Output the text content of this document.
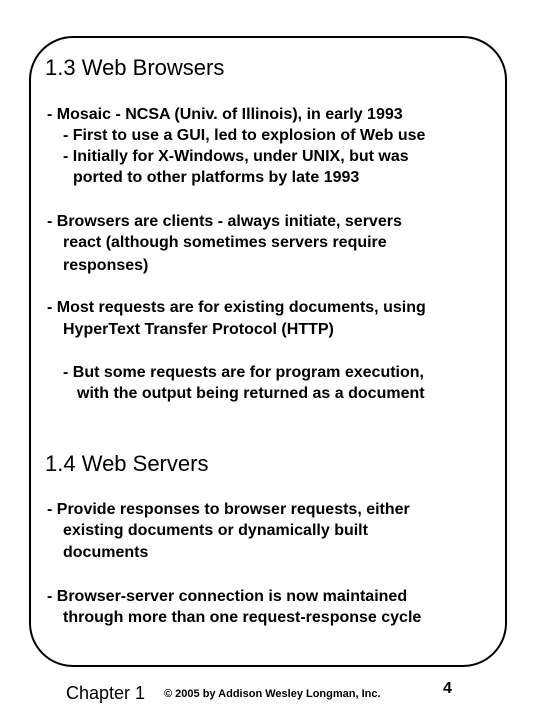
1.3 Web Browsers
- Mosaic - NCSA (Univ. of Illinois), in early 1993
- First to use a GUI, led to explosion of Web use
- Initially for X-Windows, under UNIX, but was
ported to other platforms by late 1993
- Browsers are clients - always initiate, servers
react (although sometimes servers require
responses)
- Most requests are for existing documents, using
HyperText Transfer Protocol (HTTP)
- But some requests are for program execution,
with the output being returned as a document
1.4 Web Servers
- Provide responses to browser requests, either
existing documents or dynamically built
documents
- Browser-server connection is now maintained
through more than one request-response cycle
Chapter 1 © 2005 by Addison Wesley Longman, Inc.	4
